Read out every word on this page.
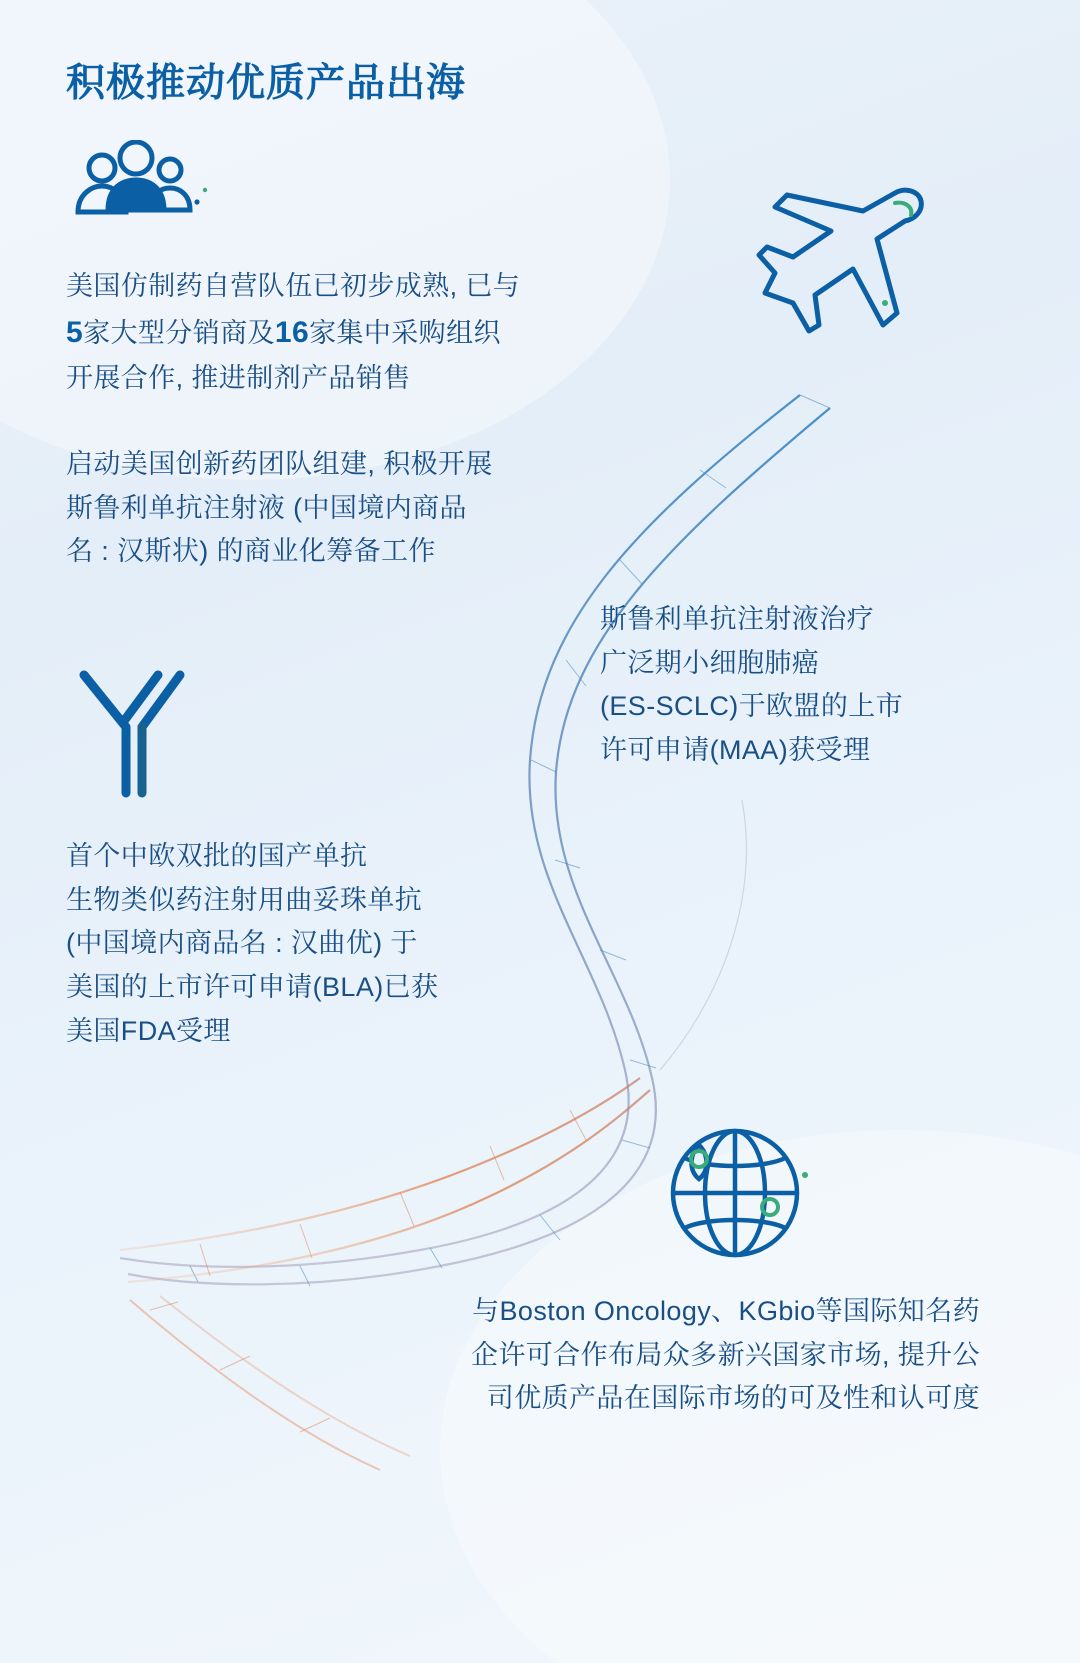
积极推动优质产品出海

美国仿制药自营队伍已初步成熟, 已与

5家大型分销商及16家集中采购组织

开展合作, 推进制剂产品销售

启动美国创新药团队组建, 积极开展

斯鲁利单抗注射液 (中国境内商品

名 : 汉斯状) 的商业化筹备工作

斯鲁利单抗注射液治疗

广泛期小细胞肺癌

(ES-SCLC)于欧盟的上市

许可申请(MAA)获受理

首个中欧双批的国产单抗

生物类似药注射用曲妥珠单抗

(中国境内商品名 : 汉曲优) 于

美国的上市许可申请(BLA)已获

美国FDA受理

与Boston Oncology、KGbio等国际知名药

企许可合作布局众多新兴国家市场, 提升公

司优质产品在国际市场的可及性和认可度
